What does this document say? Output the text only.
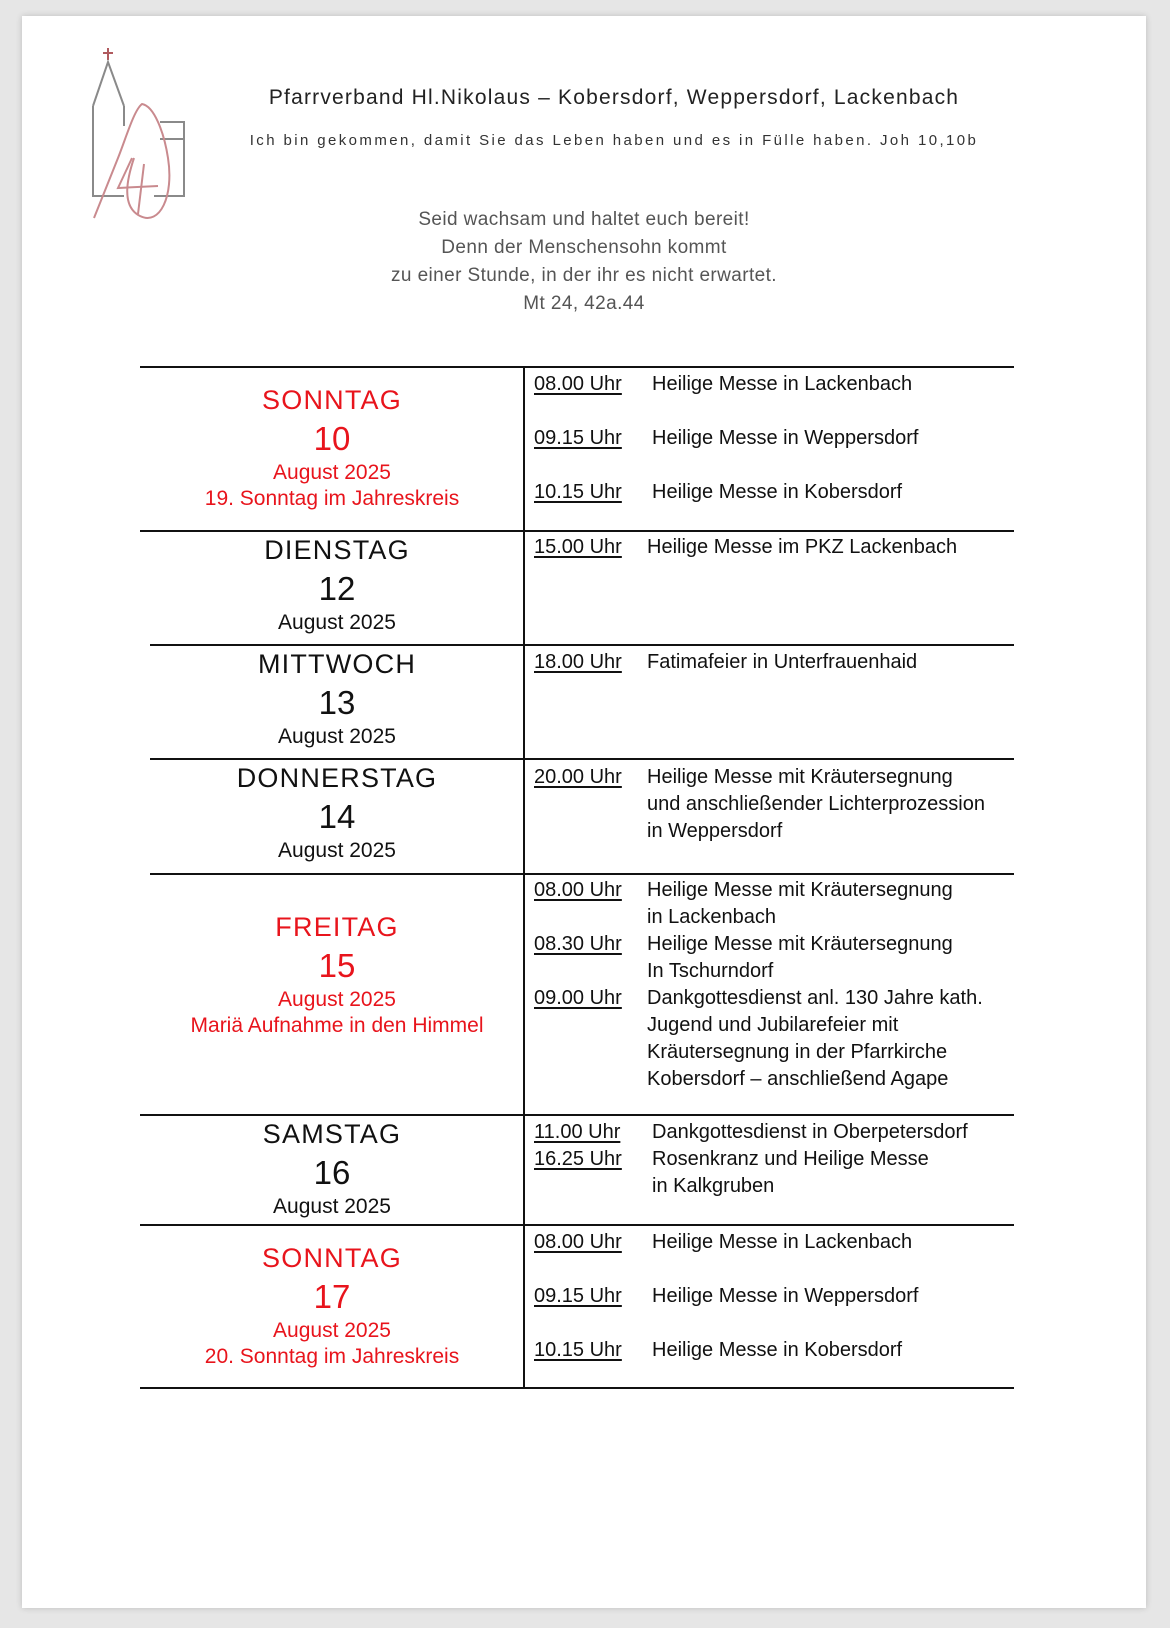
Pfarrverband Hl.Nikolaus – Kobersdorf, Weppersdorf, Lackenbach
Ich bin gekommen, damit Sie das Leben haben und es in Fülle haben. Joh 10,10b
Seid wachsam und haltet euch bereit!
Denn der Menschensohn kommt
zu einer Stunde, in der ihr es nicht erwartet.
Mt 24, 42a.44
SONNTAG
10
August 2025
19. Sonntag im Jahreskreis
08.00 Uhr Heilige Messe in Lackenbach
09.15 Uhr Heilige Messe in Weppersdorf
10.15 Uhr Heilige Messe in Kobersdorf
DIENSTAG
12
August 2025
15.00 Uhr Heilige Messe im PKZ Lackenbach
MITTWOCH
13
August 2025
18.00 Uhr Fatimafeier in Unterfrauenhaid
DONNERSTAG
14
August 2025
20.00 Uhr Heilige Messe mit Kräutersegnung
und anschließender Lichterprozession
in Weppersdorf
FREITAG
15
August 2025
Mariä Aufnahme in den Himmel
08.00 Uhr Heilige Messe mit Kräutersegnung
in Lackenbach
08.30 Uhr Heilige Messe mit Kräutersegnung
In Tschurndorf
09.00 Uhr Dankgottesdienst anl. 130 Jahre kath.
Jugend und Jubilarefeier mit
Kräutersegnung in der Pfarrkirche
Kobersdorf – anschließend Agape
SAMSTAG
16
August 2025
11.00 Uhr Dankgottesdienst in Oberpetersdorf
16.25 Uhr Rosenkranz und Heilige Messe
in Kalkgruben
SONNTAG
17
August 2025
20. Sonntag im Jahreskreis
08.00 Uhr Heilige Messe in Lackenbach
09.15 Uhr Heilige Messe in Weppersdorf
10.15 Uhr Heilige Messe in Kobersdorf
